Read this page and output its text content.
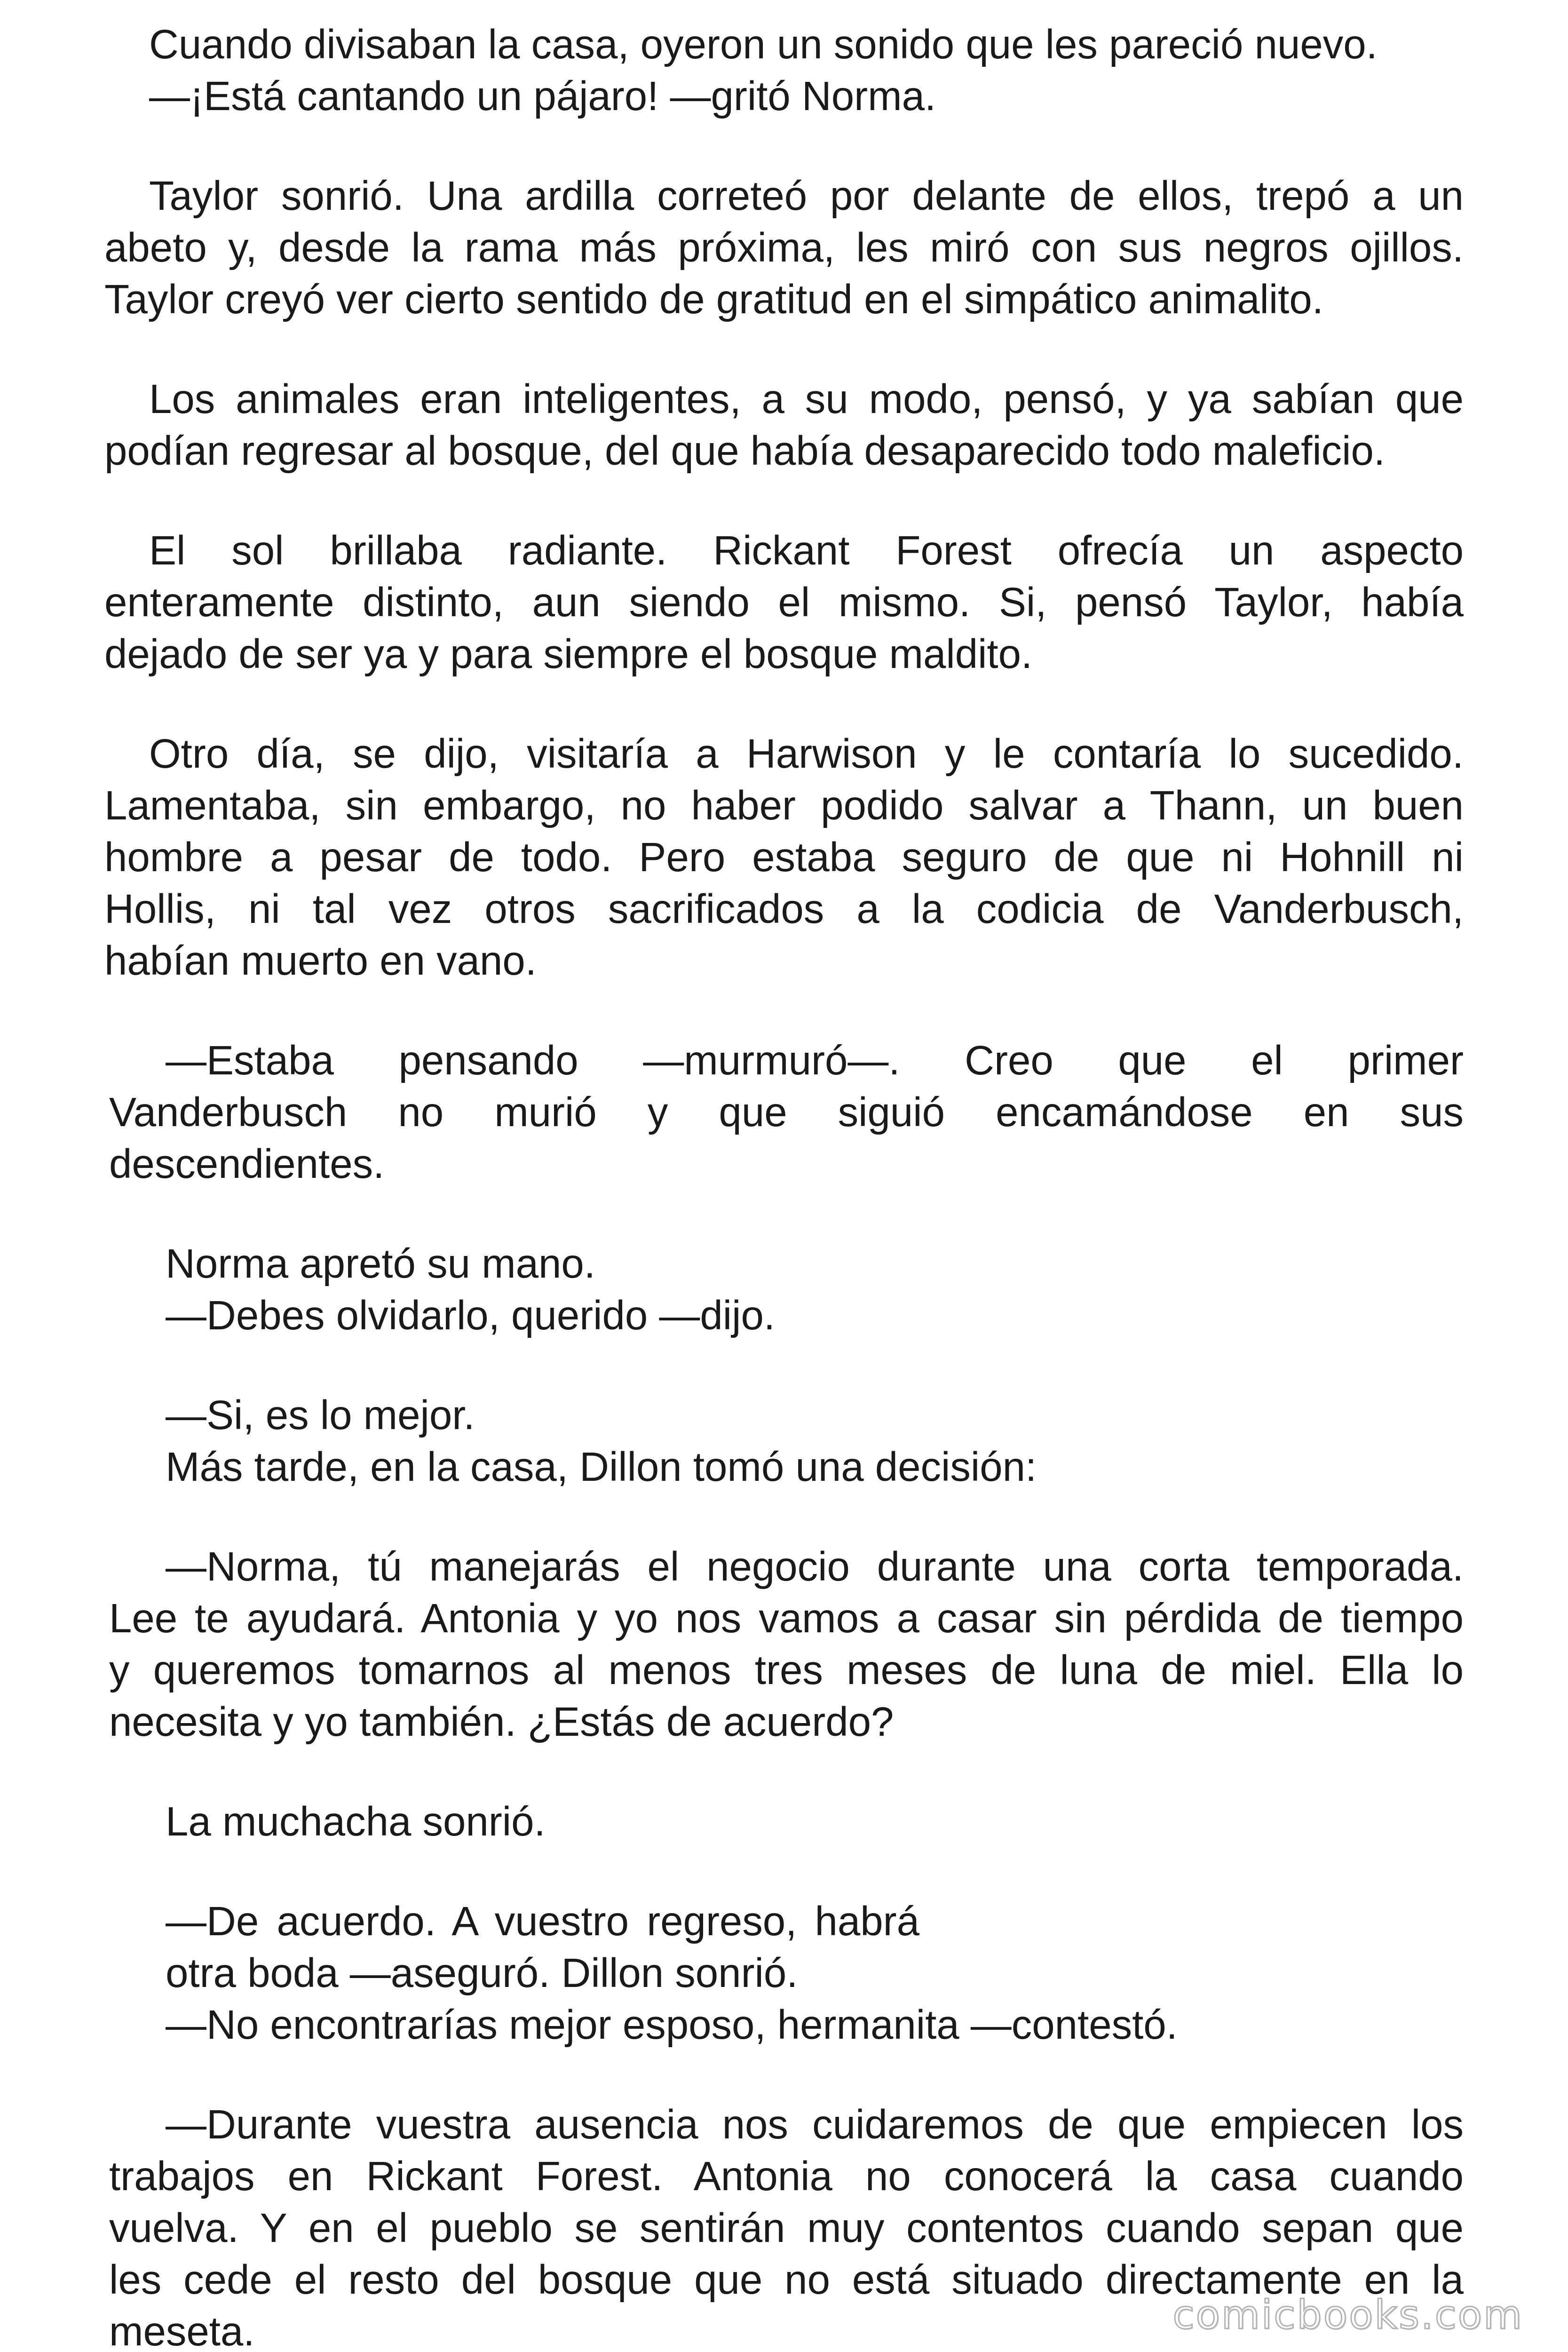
Cuando divisaban la casa, oyeron un sonido que les pareció nuevo.
—¡Está cantando un pájaro! —gritó Norma.
Taylor sonrió. Una ardilla correteó por delante de ellos, trepó a un
abeto y, desde la rama más próxima, les miró con sus negros ojillos.
Taylor creyó ver cierto sentido de gratitud en el simpático animalito.
Los animales eran inteligentes, a su modo, pensó, y ya sabían que
podían regresar al bosque, del que había desaparecido todo maleficio.
El sol brillaba radiante. Rickant Forest ofrecía un aspecto
enteramente distinto, aun siendo el mismo. Si, pensó Taylor, había
dejado de ser ya y para siempre el bosque maldito.
Otro día, se dijo, visitaría a Harwison y le contaría lo sucedido.
Lamentaba, sin embargo, no haber podido salvar a Thann, un buen
hombre a pesar de todo. Pero estaba seguro de que ni Hohnill ni
Hollis, ni tal vez otros sacrificados a la codicia de Vanderbusch,
habían muerto en vano.
—Estaba pensando —murmuró—. Creo que el primer
Vanderbusch no murió y que siguió encamándose en sus
descendientes.
Norma apretó su mano.
—Debes olvidarlo, querido —dijo.
—Si, es lo mejor.
Más tarde, en la casa, Dillon tomó una decisión:
—Norma, tú manejarás el negocio durante una corta temporada.
Lee te ayudará. Antonia y yo nos vamos a casar sin pérdida de tiempo
y queremos tomarnos al menos tres meses de luna de miel. Ella lo
necesita y yo también. ¿Estás de acuerdo?
La muchacha sonrió.
—De acuerdo. A vuestro regreso, habrá
otra boda —aseguró. Dillon sonrió.
—No encontrarías mejor esposo, hermanita —contestó.
—Durante vuestra ausencia nos cuidaremos de que empiecen los
trabajos en Rickant Forest. Antonia no conocerá la casa cuando
vuelva. Y en el pueblo se sentirán muy contentos cuando sepan que
les cede el resto del bosque que no está situado directamente en la
meseta.	comicbooks.com
